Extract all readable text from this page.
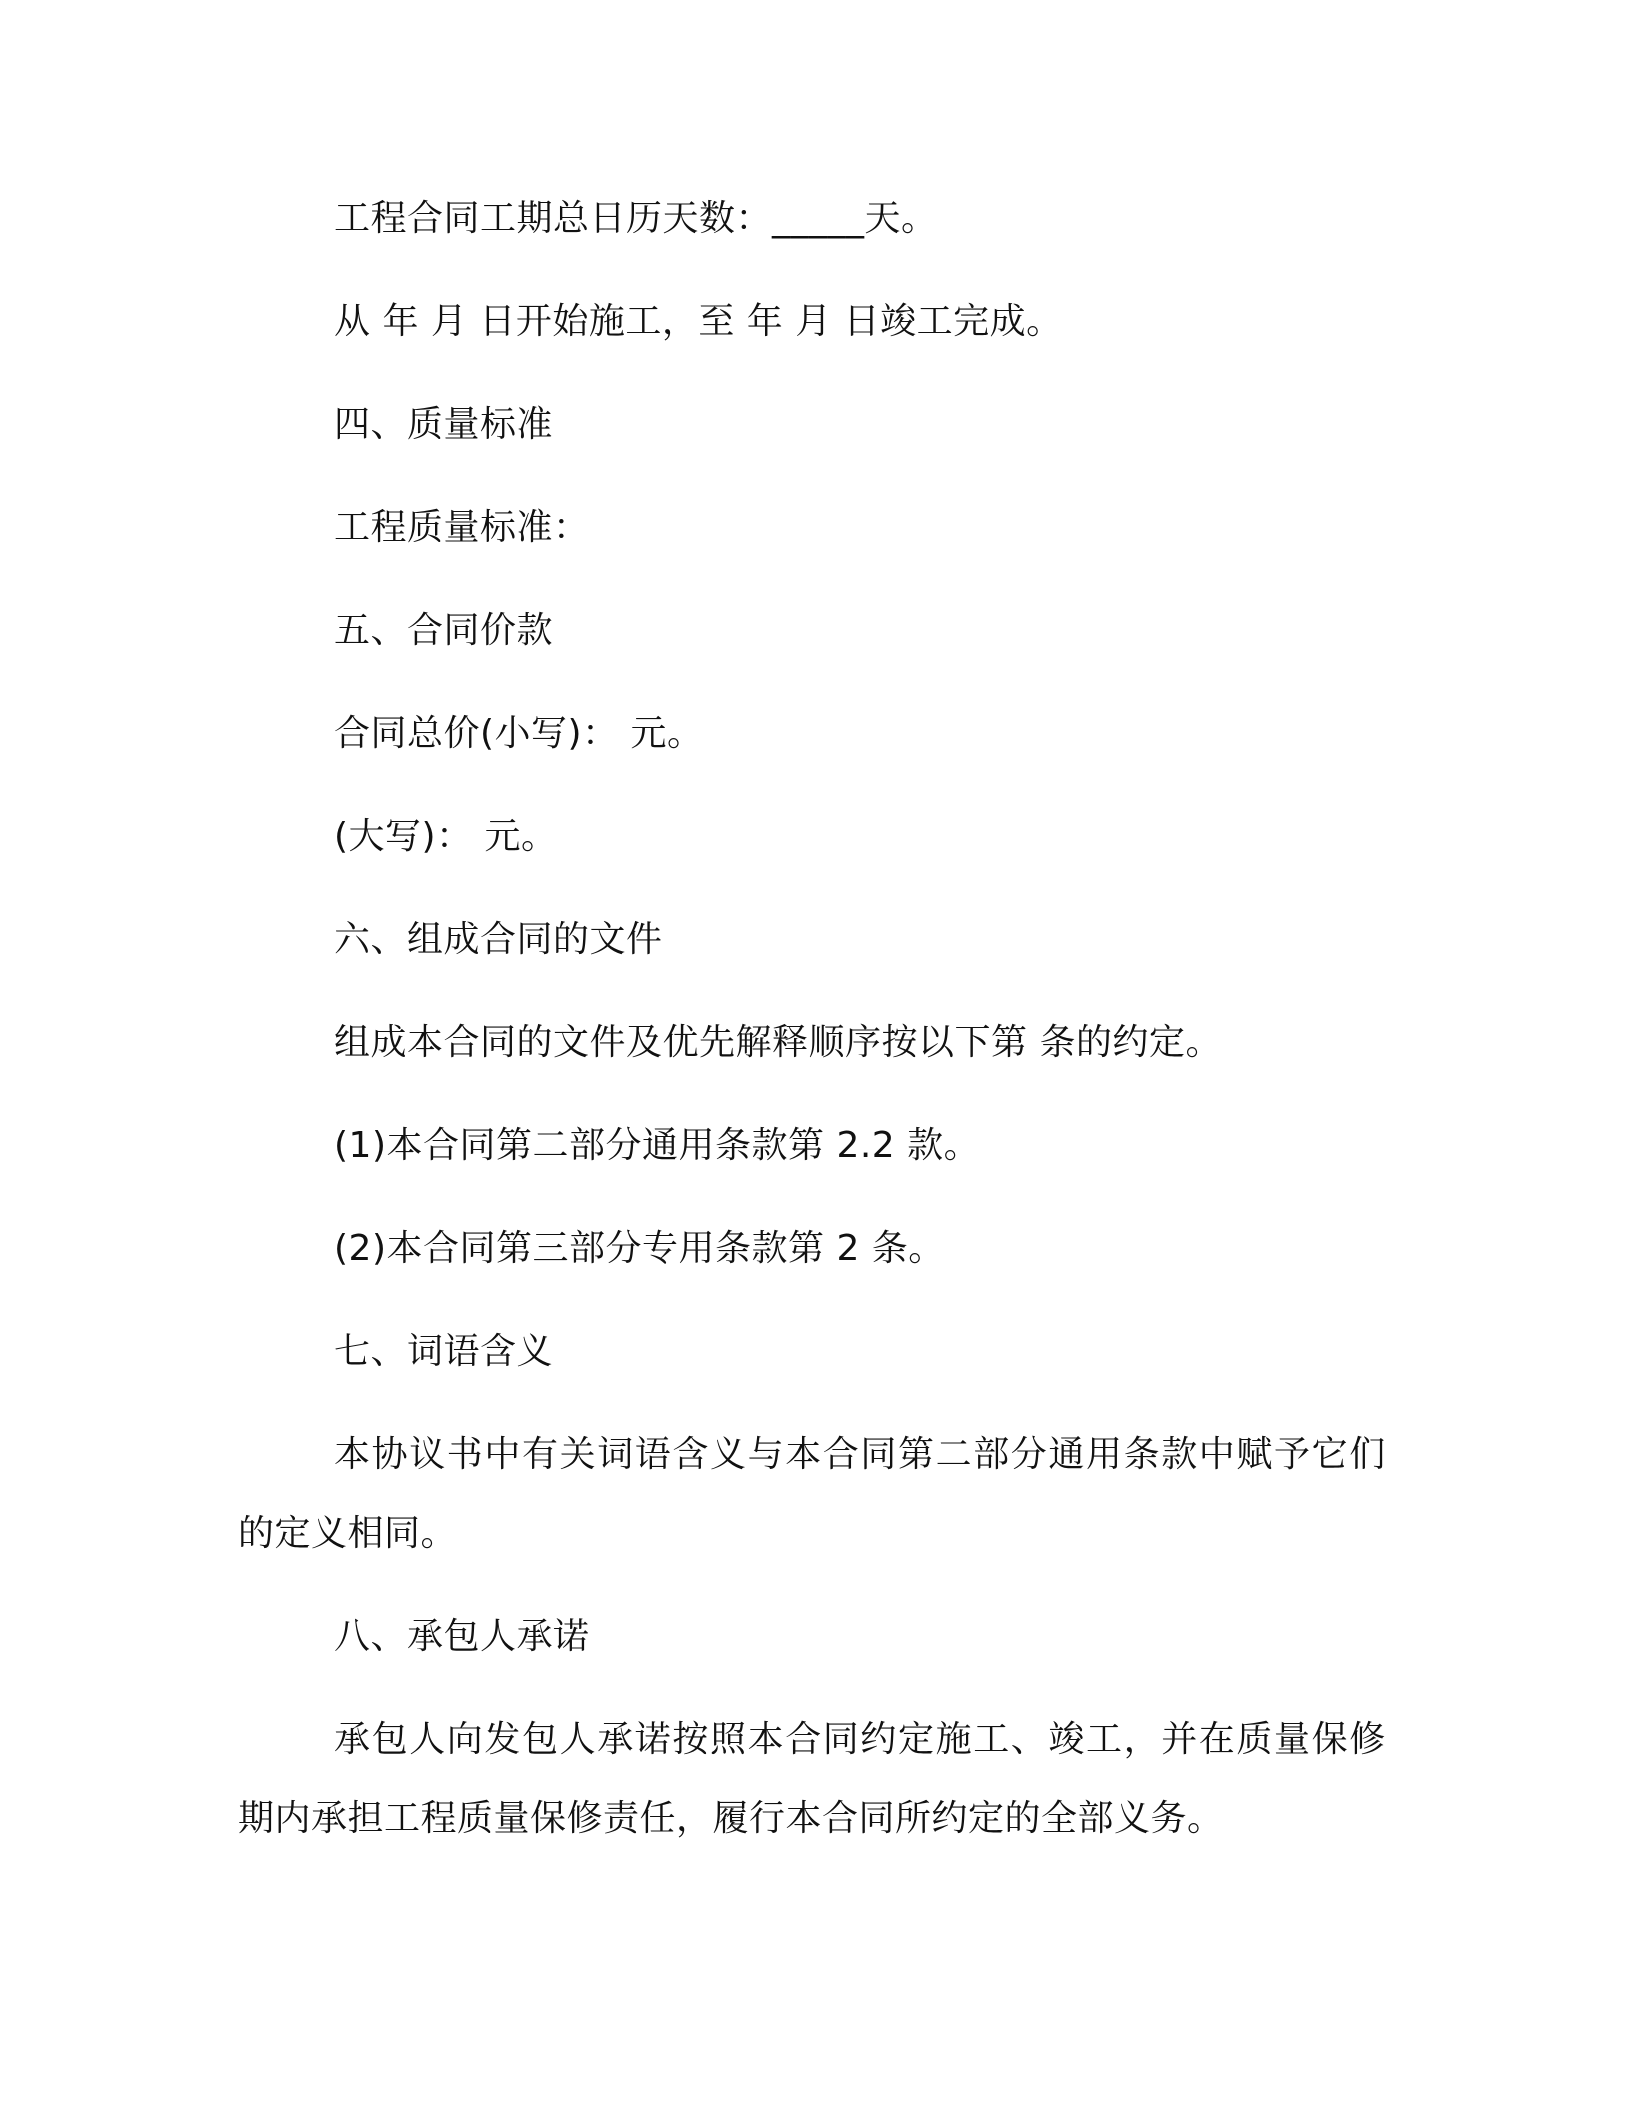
工程合同工期总日历天数：_____天。
从 年 月 日开始施工，至 年 月 日竣工完成。
四、质量标准
工程质量标准：
五、合同价款
合同总价(小写)： 元。
(大写)： 元。
六、组成合同的文件
组成本合同的文件及优先解释顺序按以下第 条的约定。
(1)本合同第二部分通用条款第 2.2 款。
(2)本合同第三部分专用条款第 2 条。
七、词语含义
本协议书中有关词语含义与本合同第二部分通用条款中赋予它们
的定义相同。
八、承包人承诺
承包人向发包人承诺按照本合同约定施工、竣工，并在质量保修
期内承担工程质量保修责任，履行本合同所约定的全部义务。
